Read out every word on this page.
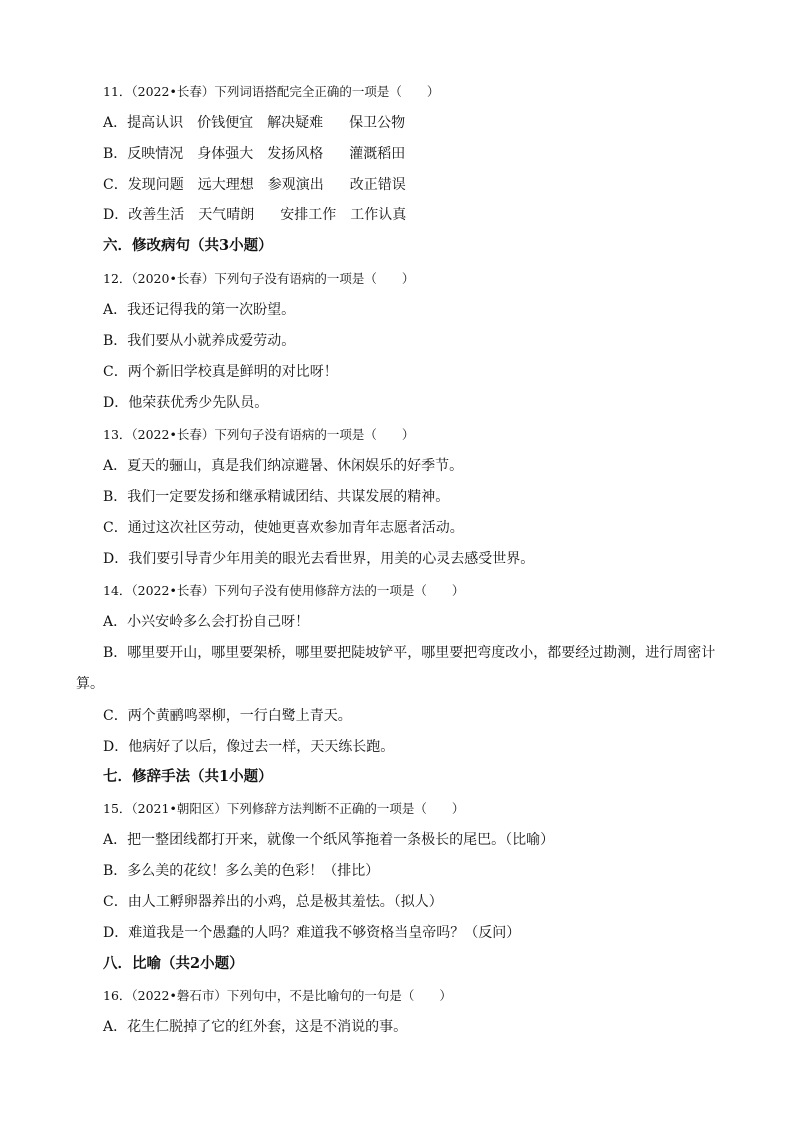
11．（2022•长春）下列词语搭配完全正确的一项是（　　）
A．提高认识 价钱便宜 解决疑难 保卫公物
B．反映情况 身体强大 发扬风格 灌溉稻田
C．发现问题 远大理想 参观演出 改正错误
D．改善生活 天气晴朗 安排工作 工作认真
六．修改病句（共3小题）
12．（2020•长春）下列句子没有语病的一项是（　　）
A．我还记得我的第一次盼望。
B．我们要从小就养成爱劳动。
C．两个新旧学校真是鲜明的对比呀！
D．他荣获优秀少先队员。
13．（2022•长春）下列句子没有语病的一项是（　　）
A．夏天的骊山，真是我们纳凉避暑、休闲娱乐的好季节。
B．我们一定要发扬和继承精诚团结、共谋发展的精神。
C．通过这次社区劳动，使她更喜欢参加青年志愿者活动。
D．我们要引导青少年用美的眼光去看世界，用美的心灵去感受世界。
14．（2022•长春）下列句子没有使用修辞方法的一项是（　　）
A．小兴安岭多么会打扮自己呀！
B．哪里要开山，哪里要架桥，哪里要把陡坡铲平，哪里要把弯度改小，都要经过勘测，进行周密计
算。
C．两个黄鹂鸣翠柳，一行白鹭上青天。
D．他病好了以后，像过去一样，天天练长跑。
七．修辞手法（共1小题）
15．（2021•朝阳区）下列修辞方法判断不正确的一项是（　　）
A．把一整团线都打开来，就像一个纸风筝拖着一条极长的尾巴。（比喻）
B．多么美的花纹！多么美的色彩！（排比）
C．由人工孵卵器养出的小鸡，总是极其羞怯。（拟人）
D．难道我是一个愚蠢的人吗？难道我不够资格当皇帝吗？（反问）
八．比喻（共2小题）
16．（2022•磐石市）下列句中，不是比喻句的一句是（　　）
A．花生仁脱掉了它的红外套，这是不消说的事。
